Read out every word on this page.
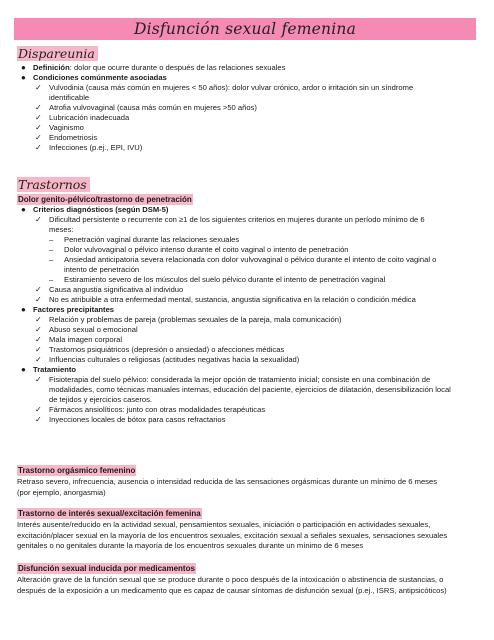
Disfunción sexual femenina
Dispareunia
● Definición: dolor que ocurre durante o después de las relaciones sexuales
● Condiciones comúnmente asociadas
✓ Vulvodinia (causa más común en mujeres < 50 años): dolor vulvar crónico, ardor o irritación sin un síndrome
identificable
✓ Atrofia vulvovaginal (causa más común en mujeres >50 años)
✓ Lubricación inadecuada
✓ Vaginismo
✓ Endometriosis
✓ Infecciones (p.ej., EPI, IVU)
Trastornos
Dolor genito-pélvico/trastorno de penetración
● Criterios diagnósticos (según DSM-5)
✓ Dificultad persistente o recurrente con ≥1 de los siguientes criterios en mujeres durante un período mínimo de 6
meses:
– Penetración vaginal durante las relaciones sexuales
– Dolor vulvovaginal o pélvico intenso durante el coito vaginal o intento de penetración
– Ansiedad anticipatoria severa relacionada con dolor vulvovaginal o pélvico durante el intento de coito vaginal o
intento de penetración
– Estiramiento severo de los músculos del suelo pélvico durante el intento de penetración vaginal
✓ Causa angustia significativa al individuo
✓ No es atribuible a otra enfermedad mental, sustancia, angustia significativa en la relación o condición médica
● Factores precipitantes
✓ Relación y problemas de pareja (problemas sexuales de la pareja, mala comunicación)
✓ Abuso sexual o emocional
✓ Mala imagen corporal
✓ Trastornos psiquiátricos (depresión o ansiedad) o afecciones médicas
✓ Influencias culturales o religiosas (actitudes negativas hacia la sexualidad)
● Tratamiento
✓ Fisioterapia del suelo pélvico: considerada la mejor opción de tratamiento inicial; consiste en una combinación de
modalidades, como técnicas manuales internas, educación del paciente, ejercicios de dilatación, desensibilización local
de tejidos y ejercicios caseros.
✓ Fármacos ansiolíticos: junto con otras modalidades terapéuticas
✓ Inyecciones locales de bótox para casos refractarios
Trastorno orgásmico femenino
Retraso severo, infrecuencia, ausencia o intensidad reducida de las sensaciones orgásmicas durante un mínimo de 6 meses
(por ejemplo, anorgasmia)
Trastorno de interés sexual/excitación femenina
Interés ausente/reducido en la actividad sexual, pensamientos sexuales, iniciación o participación en actividades sexuales,
excitación/placer sexual en la mayoría de los encuentros sexuales, excitación sexual a señales sexuales, sensaciones sexuales
genitales o no genitales durante la mayoría de los encuentros sexuales durante un mínimo de 6 meses
Disfunción sexual inducida por medicamentos
Alteración grave de la función sexual que se produce durante o poco después de la intoxicación o abstinencia de sustancias, o
después de la exposición a un medicamento que es capaz de causar síntomas de disfunción sexual (p.ej., ISRS, antipsicóticos)
